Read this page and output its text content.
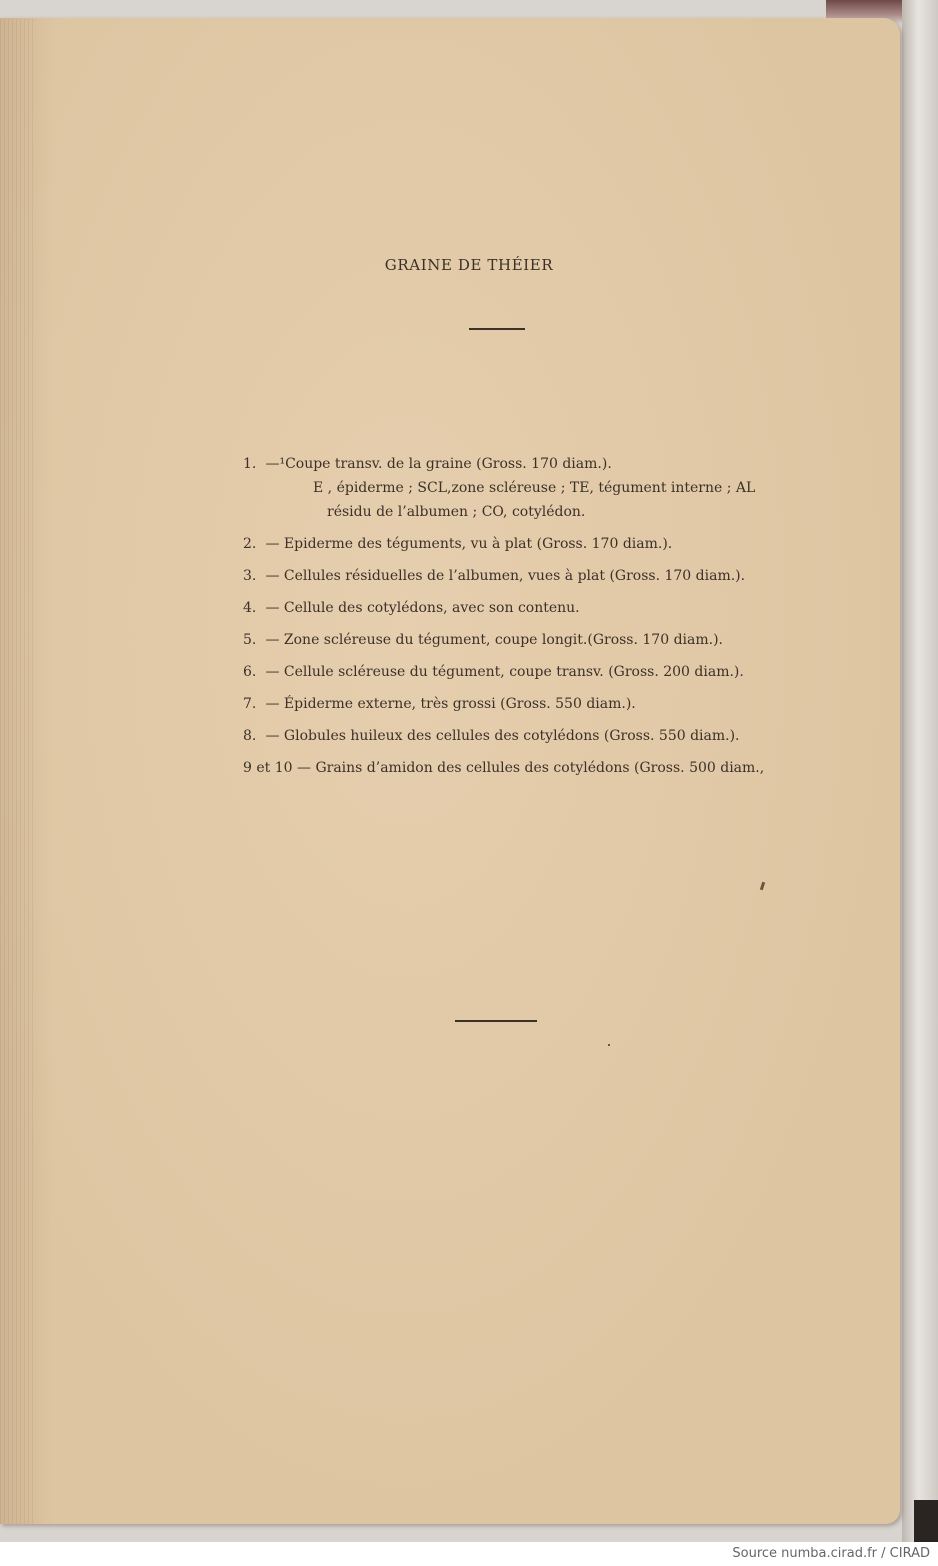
GRAINE DE THÉIER
1. —¹Coupe transv. de la graine (Gross. 170 diam.).
E , épiderme ; SCL,zone scléreuse ; TE, tégument interne ; AL
résidu de l’albumen ; CO, cotylédon.
2. — Epiderme des téguments, vu à plat (Gross. 170 diam.).
3. — Cellules résiduelles de l’albumen, vues à plat (Gross. 170 diam.).
4. — Cellule des cotylédons, avec son contenu.
5. — Zone scléreuse du tégument, coupe longit.(Gross. 170 diam.).
6. — Cellule scléreuse du tégument, coupe transv. (Gross. 200 diam.).
7. — Épiderme externe, très grossi (Gross. 550 diam.).
8. — Globules huileux des cellules des cotylédons (Gross. 550 diam.).
9 et 10 — Grains d’amidon des cellules des cotylédons (Gross. 500 diam.,

Source numba.cirad.fr / CIRAD
